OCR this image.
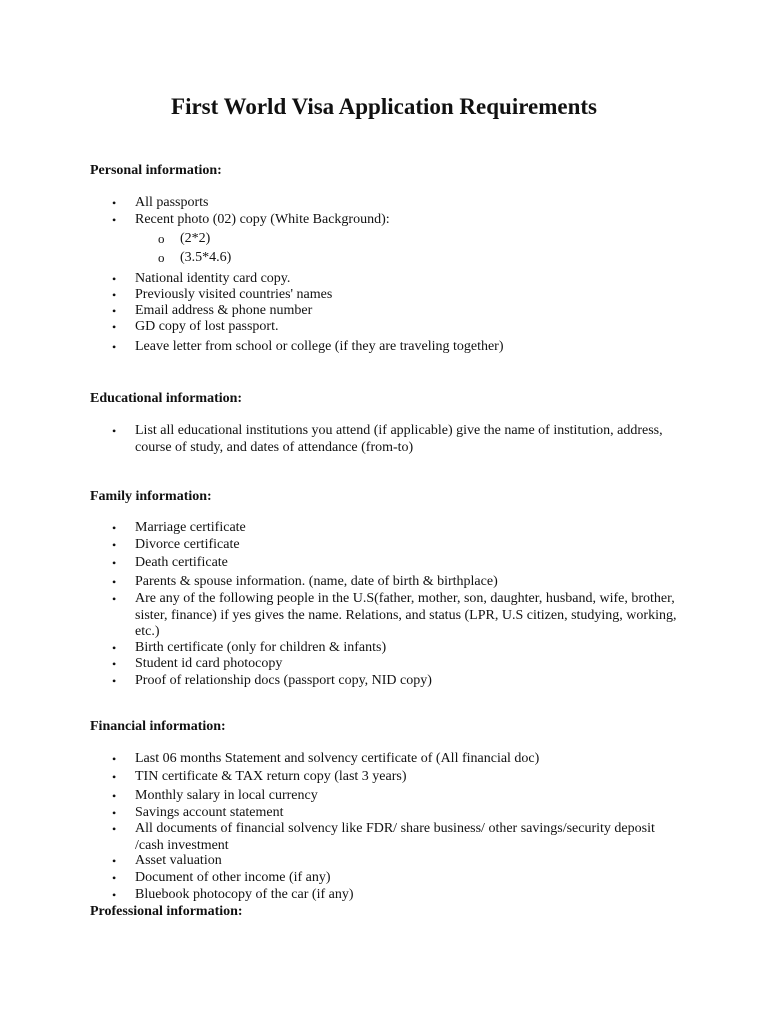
First World Visa Application Requirements
Personal information:
• All passports
• Recent photo (02) copy (White Background):
o (2*2)
o (3.5*4.6)
• National identity card copy.
• Previously visited countries' names
• Email address & phone number
• GD copy of lost passport.
• Leave letter from school or college (if they are traveling together)
Educational information:
• List all educational institutions you attend (if applicable) give the name of institution, address, course of study, and dates of attendance (from-to)
Family information:
• Marriage certificate
• Divorce certificate
• Death certificate
• Parents & spouse information. (name, date of birth & birthplace)
• Are any of the following people in the U.S(father, mother, son, daughter, husband, wife, brother, sister, finance) if yes gives the name. Relations, and status (LPR, U.S citizen, studying, working, etc.)
• Birth certificate (only for children & infants)
• Student id card photocopy
• Proof of relationship docs (passport copy, NID copy)
Financial information:
• Last 06 months Statement and solvency certificate of (All financial doc)
• TIN certificate & TAX return copy (last 3 years)
• Monthly salary in local currency
• Savings account statement
• All documents of financial solvency like FDR/ share business/ other savings/security deposit /cash investment
• Asset valuation
• Document of other income (if any)
• Bluebook photocopy of the car (if any)
Professional information:
